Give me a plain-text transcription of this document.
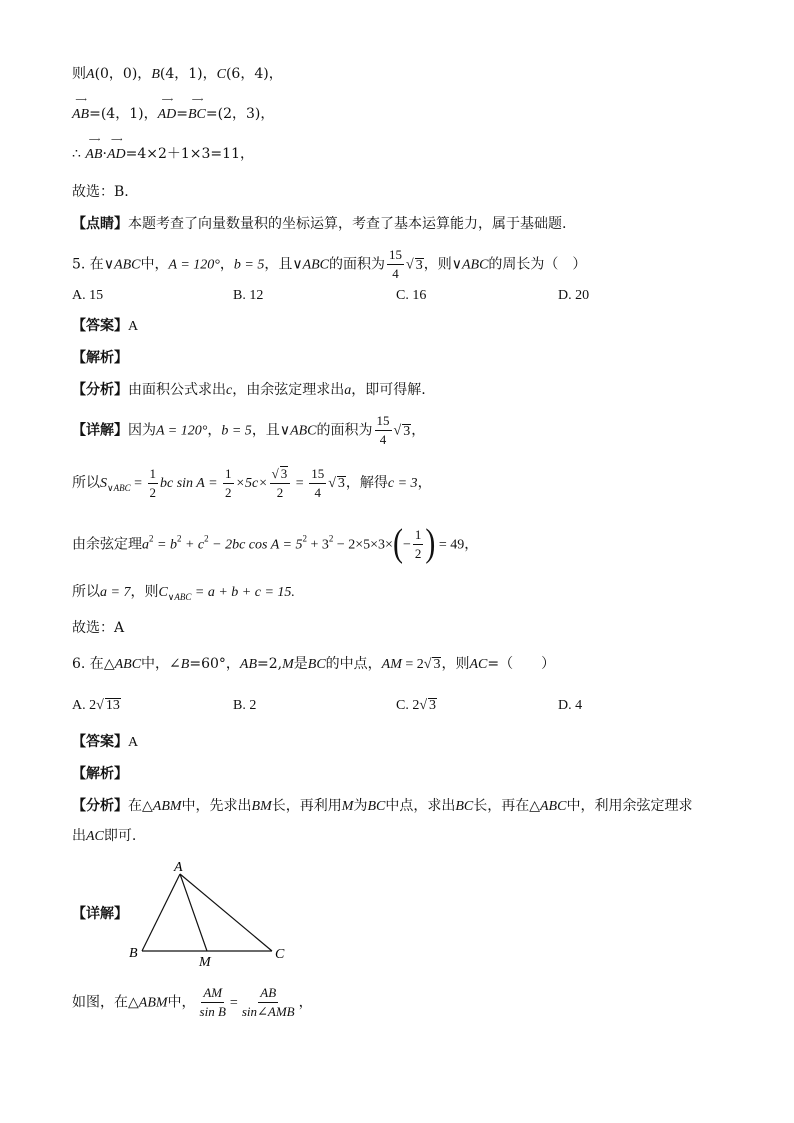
则A(0，0)，B(4，1)，C(6，4)，
⟶
AB=(4，1)，
⟶
AD=
⟶
BC=(2，3)，
∴
⟶
AB·
⟶
AD=4×2＋1×3=11，
故选：B.
【点睛】本题考查了向量数量积的坐标运算，考查了基本运算能力，属于基础题.
5. 在∨ABC中，A = 120°，b = 5，且∨ABC的面积为 $\frac{15}{4}$ √ 3，则∨ABC的周长为（　）
A. 15	B. 12	C. 16	D. 20
【答案】A
【解析】
【分析】由面积公式求出c，由余弦定理求出a，即可得解.
【详解】因为A = 120°，b = 5，且∨ABC的面积为 $\frac{15}{4}$ √ 3，
所以$S_{\vee ABC} = \frac{1}{2}$ bc $\sin A = \frac{1}{2} \times 5c\times \frac{√ 3}{2} = \frac{15}{4}$ √ 3，解得c = 3，
由余弦定理$a^2 = b^2 + c^2 - 2bc$ $\cos A = 5^2 + 3^2 - 2\times 5\times 3\times(- \frac{1}{2}$ ) = 49，
所以a = 7，则$C_{\vee ABC} = a + b + c = 15$.
故选：A
6. 在△ABC中，∠B=60°，AB=2,M是BC的中点，AM = 2√ 3，则AC=（　　）
A. 2√ 13	B. 2	C. 2√ 3	D. 4
【答案】A
【解析】
【分析】在△ABM中，先求出BM长，再利用M为BC中点，求出BC长，再在△ABC中，利用余弦定理求
出AC即可.
【详解】
A
B
M
C
如图，在△ABM中， $\frac{AM}{\text{sin B}} = \frac{AB}{\text{sin∠AMB}}$ ，
